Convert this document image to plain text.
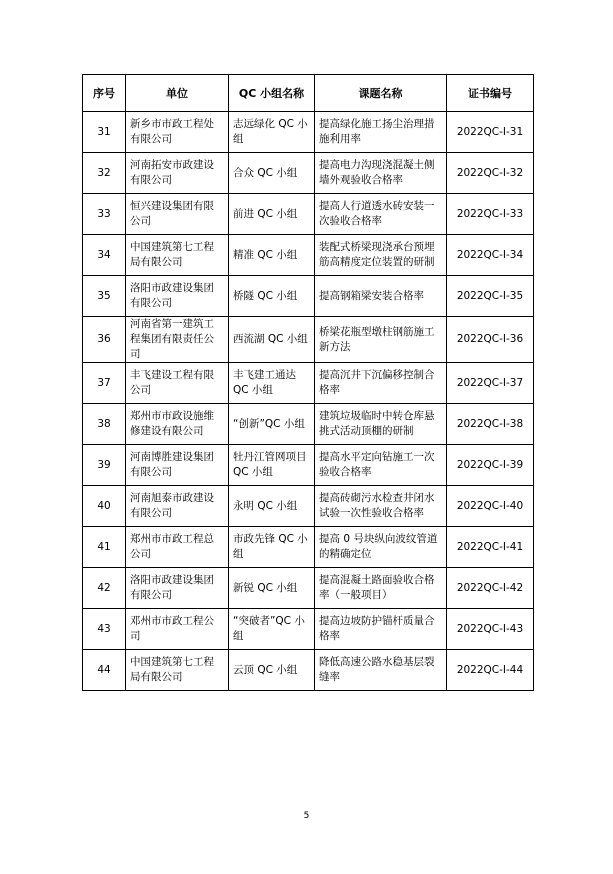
序号	单位	QC 小组名称	课题名称	证书编号
31	新乡市市政工程处有限公司	志远绿化 QC 小组	提高绿化施工扬尘治理措施利用率	2022QC-Ⅰ-31
32	河南拓安市政建设有限公司	合众 QC 小组	提高电力沟现浇混凝土侧墙外观验收合格率	2022QC-Ⅰ-32
33	恒兴建设集团有限公司	前进 QC 小组	提高人行道透水砖安装一次验收合格率	2022QC-Ⅰ-33
34	中国建筑第七工程局有限公司	精准 QC 小组	装配式桥梁现浇承台预埋筋高精度定位装置的研制	2022QC-Ⅰ-34
35	洛阳市政建设集团有限公司	桥隧 QC 小组	提高钢箱梁安装合格率	2022QC-Ⅰ-35
36	河南省第一建筑工程集团有限责任公司	西流湖 QC 小组	桥梁花瓶型墩柱钢筋施工新方法	2022QC-Ⅰ-36
37	丰飞建设工程有限公司	丰飞建工通达 QC 小组	提高沉井下沉偏移控制合格率	2022QC-Ⅰ-37
38	郑州市市政设施维修建设有限公司	“创新”QC 小组	建筑垃圾临时中转仓库悬挑式活动顶棚的研制	2022QC-Ⅰ-38
39	河南博胜建设集团有限公司	牡丹江管网项目 QC 小组	提高水平定向钻施工一次验收合格率	2022QC-Ⅰ-39
40	河南旭泰市政建设有限公司	永明 QC 小组	提高砖砌污水检查井闭水试验一次性验收合格率	2022QC-Ⅰ-40
41	郑州市市政工程总公司	市政先锋 QC 小组	提高 0 号块纵向波纹管道的精确定位	2022QC-Ⅰ-41
42	洛阳市政建设集团有限公司	新锐 QC 小组	提高混凝土路面验收合格率（一般项目）	2022QC-Ⅰ-42
43	邓州市市政工程公司	“突破者”QC 小组	提高边坡防护锚杆质量合格率	2022QC-Ⅰ-43
44	中国建筑第七工程局有限公司	云顶 QC 小组	降低高速公路水稳基层裂缝率	2022QC-Ⅰ-44
5
